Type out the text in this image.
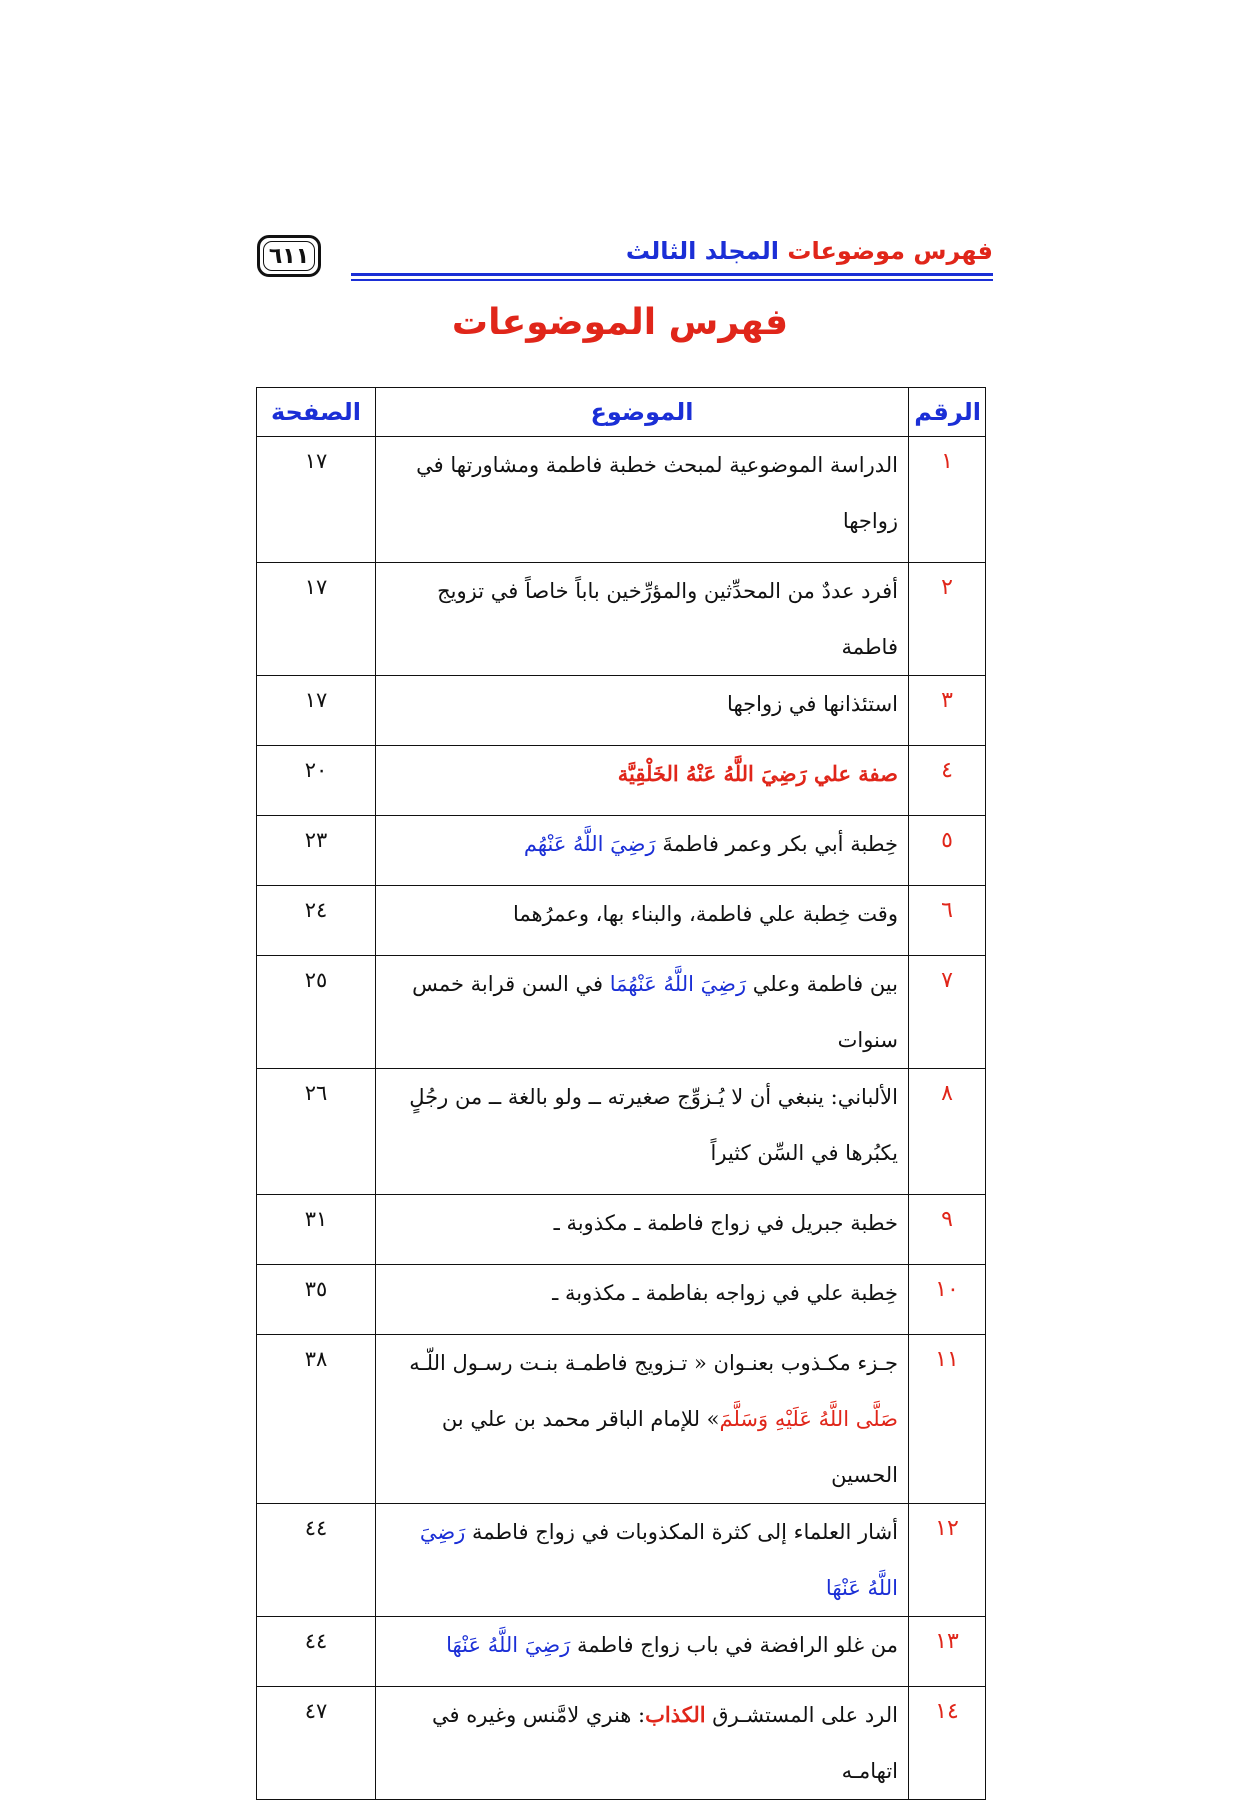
فهرس موضوعات المجلد الثالث
٦١١
فهرس الموضوعات
الرقم	الموضوع	الصفحة
١	الدراسة الموضوعية لمبحث خطبة فاطمة ومشاورتها في زواجها	١٧
٢	أفرد عددٌ من المحدِّثين والمؤرِّخين باباً خاصاً في تزويج فاطمة	١٧
٣	استئذانها في زواجها	١٧
٤	صفة علي رَضِيَ اللَّهُ عَنْهُ الخَلْقِيَّة	٢٠
٥	خِطبة أبي بكر وعمر فاطمةَ رَضِيَ اللَّهُ عَنْهُم	٢٣
٦	وقت خِطبة علي فاطمة، والبناء بها، وعمرُهما	٢٤
٧	بين فاطمة وعلي رَضِيَ اللَّهُ عَنْهُمَا في السن قرابة خمس سنوات	٢٥
٨	الألباني: ينبغي أن لا يُـزوِّج صغيرته ــ ولو بالغة ــ من رجُلٍ يكبُرها في السِّن كثيراً	٢٦
٩	خطبة جبريل في زواج فاطمة ـ مكذوبة ـ	٣١
١٠	خِطبة علي في زواجه بفاطمة ـ مكذوبة ـ	٣٥
١١	جـزء مكـذوب بعنـوان « تـزويج فاطمـة بنـت رسـول اللّـه صَلَّى اللَّهُ عَلَيْهِ وَسَلَّمَ» للإمام الباقر محمد بن علي بن الحسين	٣٨
١٢	أشار العلماء إلى كثرة المكذوبات في زواج فاطمة رَضِيَ اللَّهُ عَنْهَا	٤٤
١٣	من غلو الرافضة في باب زواج فاطمة رَضِيَ اللَّهُ عَنْهَا	٤٤
١٤	الرد على المستشـرق الكذاب: هنري لامَّنس وغيره في اتهامـه	٤٧
